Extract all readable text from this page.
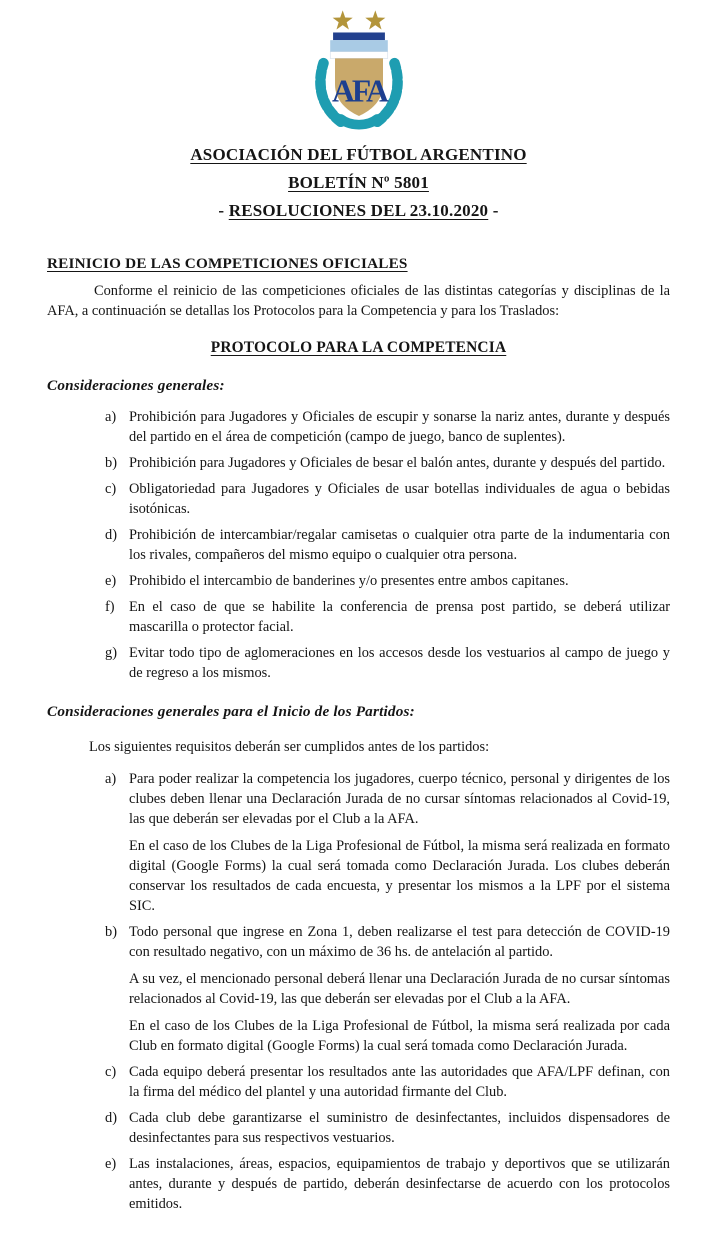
AFA
ASOCIACIÓN DEL FÚTBOL ARGENTINO
BOLETÍN Nº 5801
- RESOLUCIONES DEL 23.10.2020 -
REINICIO DE LAS COMPETICIONES OFICIALES
Conforme el reinicio de las competiciones oficiales de las distintas categorías y disciplinas de la AFA, a continuación se detallas los Protocolos para la Competencia y para los Traslados:
PROTOCOLO PARA LA COMPETENCIA
Consideraciones generales:
a) Prohibición para Jugadores y Oficiales de escupir y sonarse la nariz antes, durante y después del partido en el área de competición (campo de juego, banco de suplentes).
b) Prohibición para Jugadores y Oficiales de besar el balón antes, durante y después del partido.
c) Obligatoriedad para Jugadores y Oficiales de usar botellas individuales de agua o bebidas isotónicas.
d) Prohibición de intercambiar/regalar camisetas o cualquier otra parte de la indumentaria con los rivales, compañeros del mismo equipo o cualquier otra persona.
e) Prohibido el intercambio de banderines y/o presentes entre ambos capitanes.
f)	En el caso de que se habilite la conferencia de prensa post partido, se deberá utilizar mascarilla o protector facial.
g) Evitar todo tipo de aglomeraciones en los accesos desde los vestuarios al campo de juego y de regreso a los mismos.
Consideraciones generales para el Inicio de los Partidos:
Los siguientes requisitos deberán ser cumplidos antes de los partidos:
a) Para poder realizar la competencia los jugadores, cuerpo técnico, personal y dirigentes de los clubes deben llenar una Declaración Jurada de no cursar síntomas relacionados al Covid-19, las que deberán ser elevadas por el Club a la AFA.
En el caso de los Clubes de la Liga Profesional de Fútbol, la misma será realizada en formato digital (Google Forms) la cual será tomada como Declaración Jurada. Los clubes deberán conservar los resultados de cada encuesta, y presentar los mismos a la LPF por el sistema SIC.
b) Todo personal que ingrese en Zona 1, deben realizarse el test para detección de COVID-19 con resultado negativo, con un máximo de 36 hs. de antelación al partido.
A su vez, el mencionado personal deberá llenar una Declaración Jurada de no cursar síntomas relacionados al Covid-19, las que deberán ser elevadas por el Club a la AFA.
En el caso de los Clubes de la Liga Profesional de Fútbol, la misma será realizada por cada Club en formato digital (Google Forms) la cual será tomada como Declaración Jurada.
c) Cada equipo deberá presentar los resultados ante las autoridades que AFA/LPF definan, con la firma del médico del plantel y una autoridad firmante del Club.
d) Cada club debe garantizarse el suministro de desinfectantes, incluidos dispensadores de desinfectantes para sus respectivos vestuarios.
e) Las instalaciones, áreas, espacios, equipamientos de trabajo y deportivos que se utilizarán antes, durante y después de partido, deberán desinfectarse de acuerdo con los protocolos emitidos.
